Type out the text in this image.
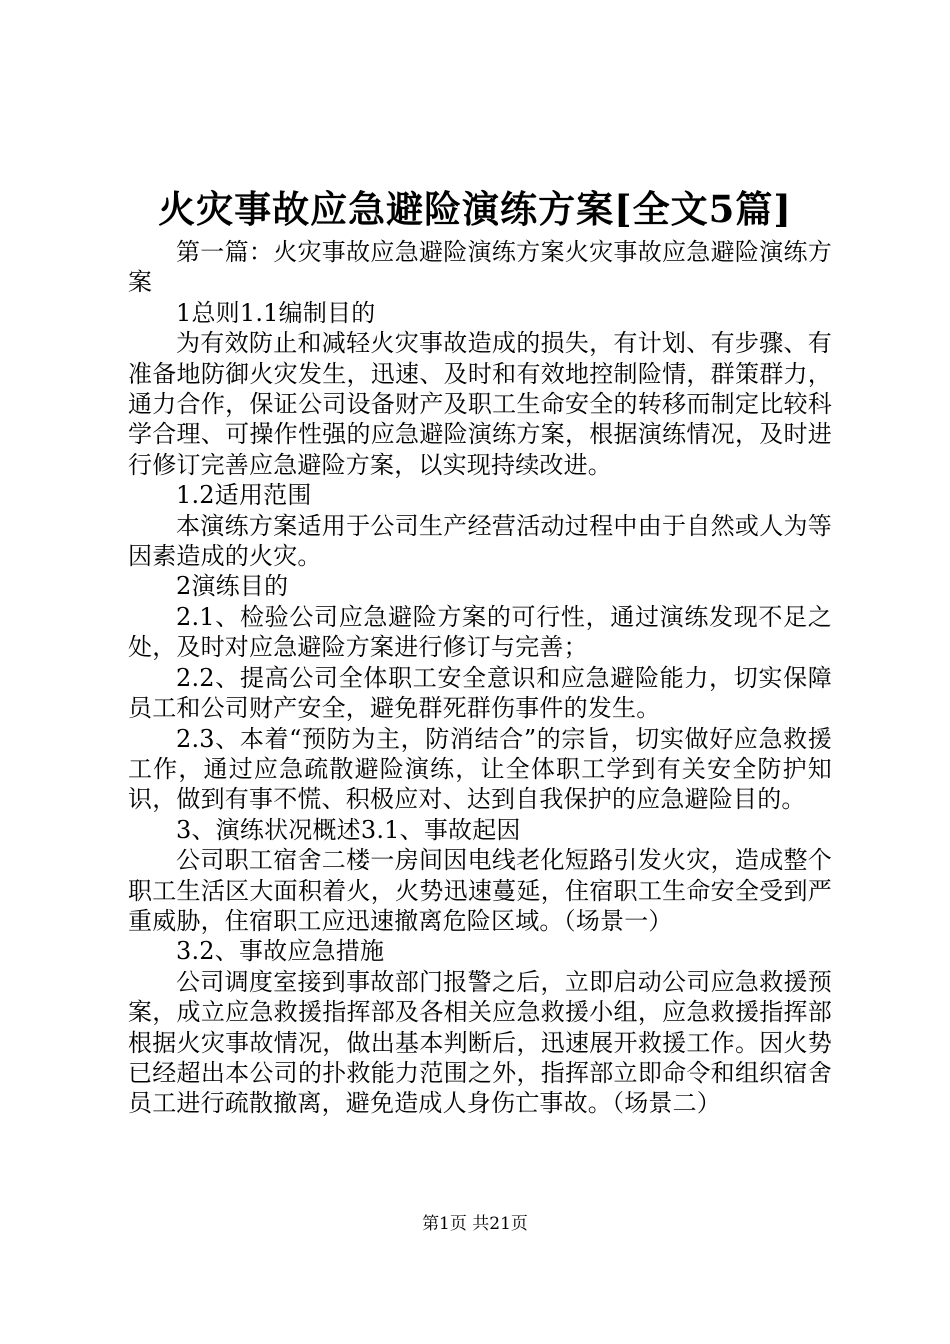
火灾事故应急避险演练方案[全文5篇]

第一篇：火灾事故应急避险演练方案火灾事故应急避险演练方案

1总则1.1编制目的

为有效防止和减轻火灾事故造成的损失，有计划、有步骤、有准备地防御火灾发生，迅速、及时和有效地控制险情，群策群力，通力合作，保证公司设备财产及职工生命安全的转移而制定比较科学合理、可操作性强的应急避险演练方案，根据演练情况，及时进行修订完善应急避险方案，以实现持续改进。

1.2适用范围

本演练方案适用于公司生产经营活动过程中由于自然或人为等因素造成的火灾。

2演练目的

2.1、检验公司应急避险方案的可行性，通过演练发现不足之处，及时对应急避险方案进行修订与完善；

2.2、提高公司全体职工安全意识和应急避险能力，切实保障员工和公司财产安全，避免群死群伤事件的发生。

2.3、本着“预防为主，防消结合”的宗旨，切实做好应急救援工作，通过应急疏散避险演练，让全体职工学到有关安全防护知识，做到有事不慌、积极应对、达到自我保护的应急避险目的。

3、演练状况概述3.1、事故起因

公司职工宿舍二楼一房间因电线老化短路引发火灾，造成整个职工生活区大面积着火，火势迅速蔓延，住宿职工生命安全受到严重威胁，住宿职工应迅速撤离危险区域。（场景一）

3.2、事故应急措施

公司调度室接到事故部门报警之后，立即启动公司应急救援预案，成立应急救援指挥部及各相关应急救援小组，应急救援指挥部根据火灾事故情况，做出基本判断后，迅速展开救援工作。因火势已经超出本公司的扑救能力范围之外，指挥部立即命令和组织宿舍员工进行疏散撤离，避免造成人身伤亡事故。（场景二）

第1页 共21页
